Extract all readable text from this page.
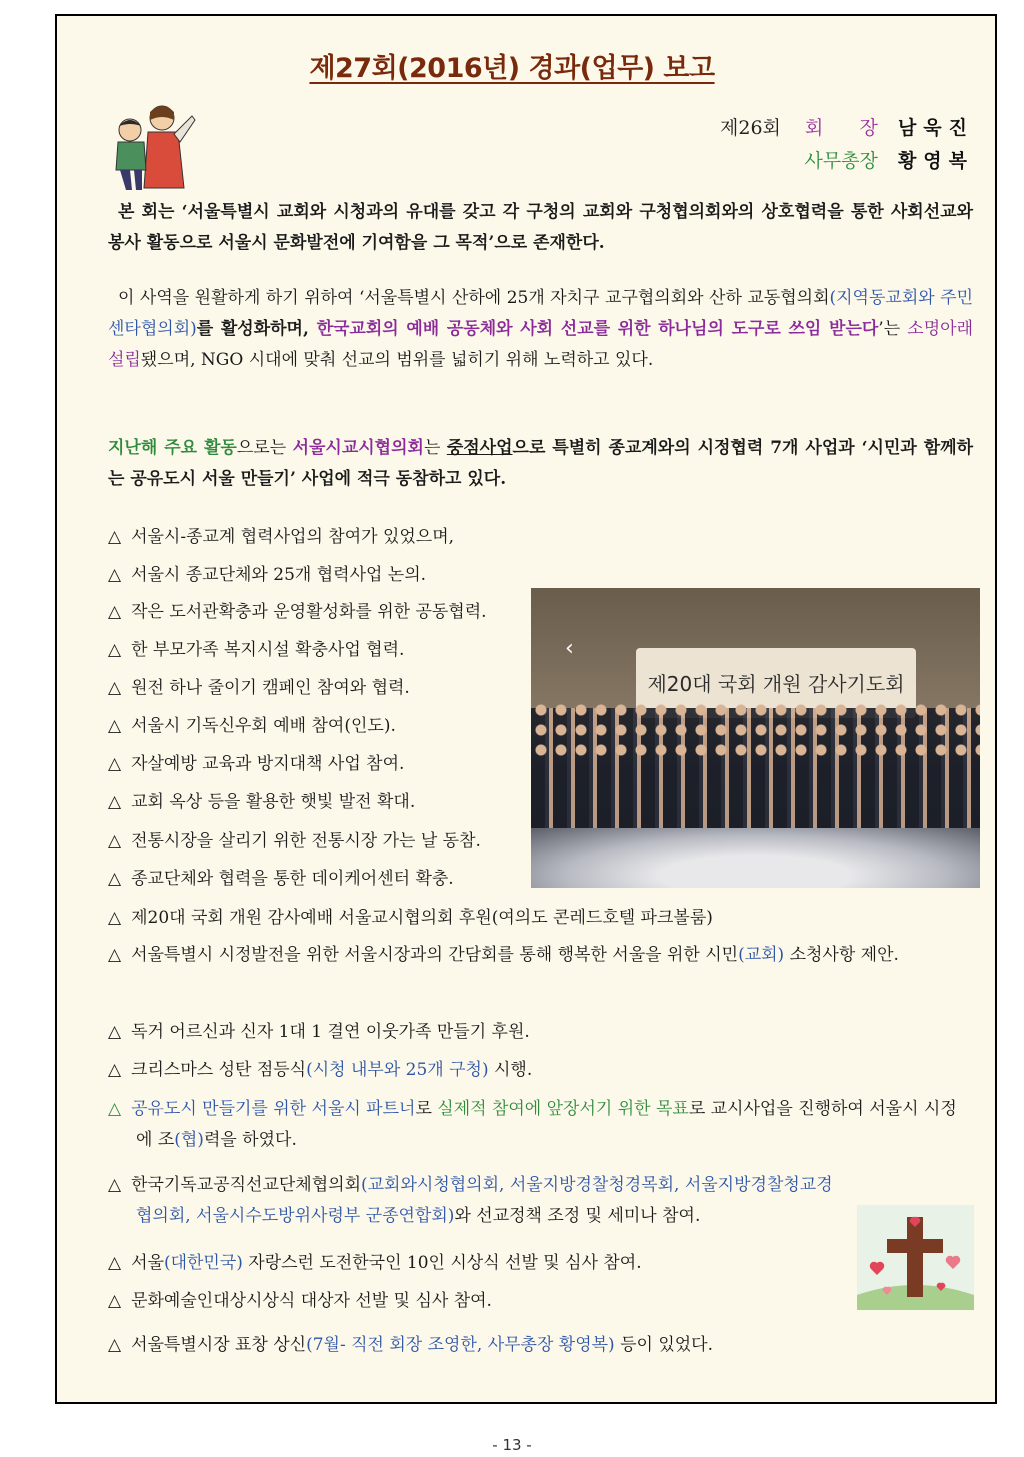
제27회(2016년) 경과(업무) 보고
제26회 회      장 남욱진
사무총장 황영복
본 회는 ‘서울특별시 교회와 시청과의 유대를 갖고 각 구청의 교회와 구청협의회와의 상호협력을 통한 사회선교와 봉사 활동으로 서울시 문화발전에 기여함을 그 목적’으로 존재한다.
이 사역을 원활하게 하기 위하여 ‘서울특별시 산하에 25개 자치구 교구협의회와 산하 교동협의회(지역동교회와 주민센타협의회)를 활성화하며, 한국교회의 예배 공동체와 사회 선교를 위한 하나님의 도구로 쓰임 받는다’는 소명아래 설립됐으며, NGO 시대에 맞춰 선교의 범위를 넓히기 위해 노력하고 있다.
지난해 주요 활동으로는 서울시교시협의회는 중점사업으로 특별히 종교계와의 시정협력 7개 사업과 ‘시민과 함께하는 공유도시 서울 만들기’ 사업에 적극 동참하고 있다.
△ 서울시-종교계 협력사업의 참여가 있었으며,
△ 서울시 종교단체와 25개 협력사업 논의.
△ 작은 도서관확충과 운영활성화를 위한 공동협력.
△ 한 부모가족 복지시설 확충사업 협력.
△ 원전 하나 줄이기 캠페인 참여와 협력.
△ 서울시 기독신우회 예배 참여(인도).
△ 자살예방 교육과 방지대책 사업 참여.
△ 교회 옥상 등을 활용한 햇빛 발전 확대.
△ 전통시장을 살리기 위한 전통시장 가는 날 동참.
△ 종교단체와 협력을 통한 데이케어센터 확충.
제20대 국회 개원 감사기도회
‹
△ 제20대 국회 개원 감사예배 서울교시협의회 후원(여의도 콘레드호텔 파크볼룸)
△ 서울특별시 시정발전을 위한 서울시장과의 간담회를 통해 행복한 서울을 위한 시민(교회) 소청사항 제안.
△ 독거 어르신과 신자 1대 1 결연 이웃가족 만들기 후원.
△ 크리스마스 성탄 점등식(시청 내부와 25개 구청) 시행.
△ 공유도시 만들기를 위한 서울시 파트너로 실제적 참여에 앞장서기 위한 목표로 교시사업을 진행하여 서울시 시정에 조(협)력을 하였다.
△ 한국기독교공직선교단체협의회(교회와시청협의회, 서울지방경찰청경목회, 서울지방경찰청교경협의회, 서울시수도방위사령부 군종연합회)와 선교정책 조정 및 세미나 참여.
△ 서울(대한민국) 자랑스런 도전한국인 10인 시상식 선발 및 심사 참여.
△ 문화예술인대상시상식 대상자 선발 및 심사 참여.
△ 서울특별시장 표창 상신(7월- 직전 회장 조영한, 사무총장 황영복) 등이 있었다.
- 13 -
